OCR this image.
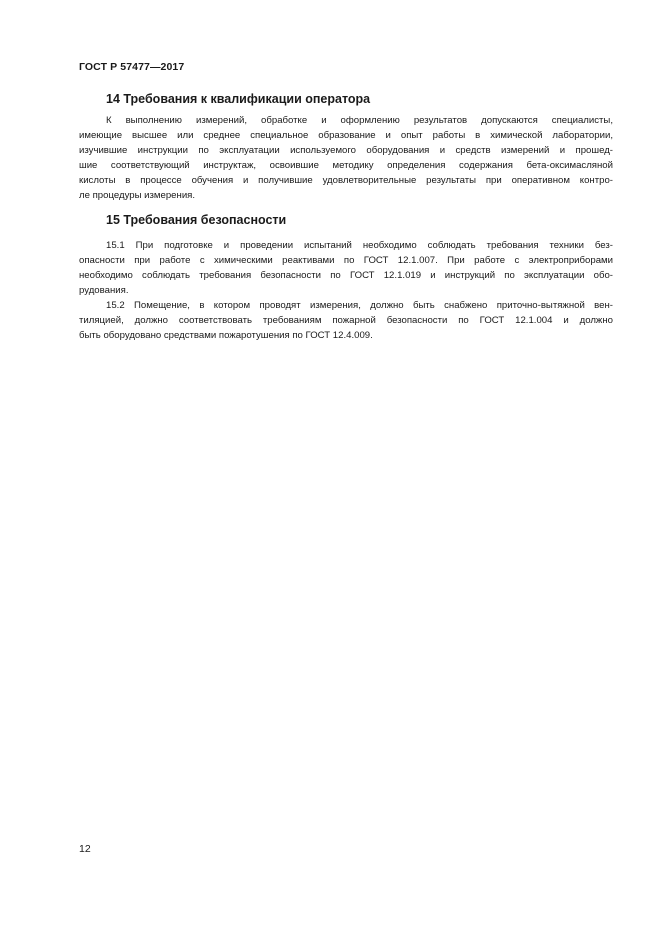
ГОСТ Р 57477—2017
14 Требования к квалификации оператора
К выполнению измерений, обработке и оформлению результатов допускаются специалисты,
имеющие высшее или среднее специальное образование и опыт работы в химической лаборатории,
изучившие инструкции по эксплуатации используемого оборудования и средств измерений и прошед-
шие соответствующий инструктаж, освоившие методику определения содержания бета-оксимасляной
кислоты в процессе обучения и получившие удовлетворительные результаты при оперативном контро-
ле процедуры измерения.
15 Требования безопасности
15.1 При подготовке и проведении испытаний необходимо соблюдать требования техники без-
опасности при работе с химическими реактивами по ГОСТ 12.1.007. При работе с электроприборами
необходимо соблюдать требования безопасности по ГОСТ 12.1.019 и инструкций по эксплуатации обо-
рудования.
15.2 Помещение, в котором проводят измерения, должно быть снабжено приточно-вытяжной вен-
тиляцией, должно соответствовать требованиям пожарной безопасности по ГОСТ 12.1.004 и должно
быть оборудовано средствами пожаротушения по ГОСТ 12.4.009.
12
